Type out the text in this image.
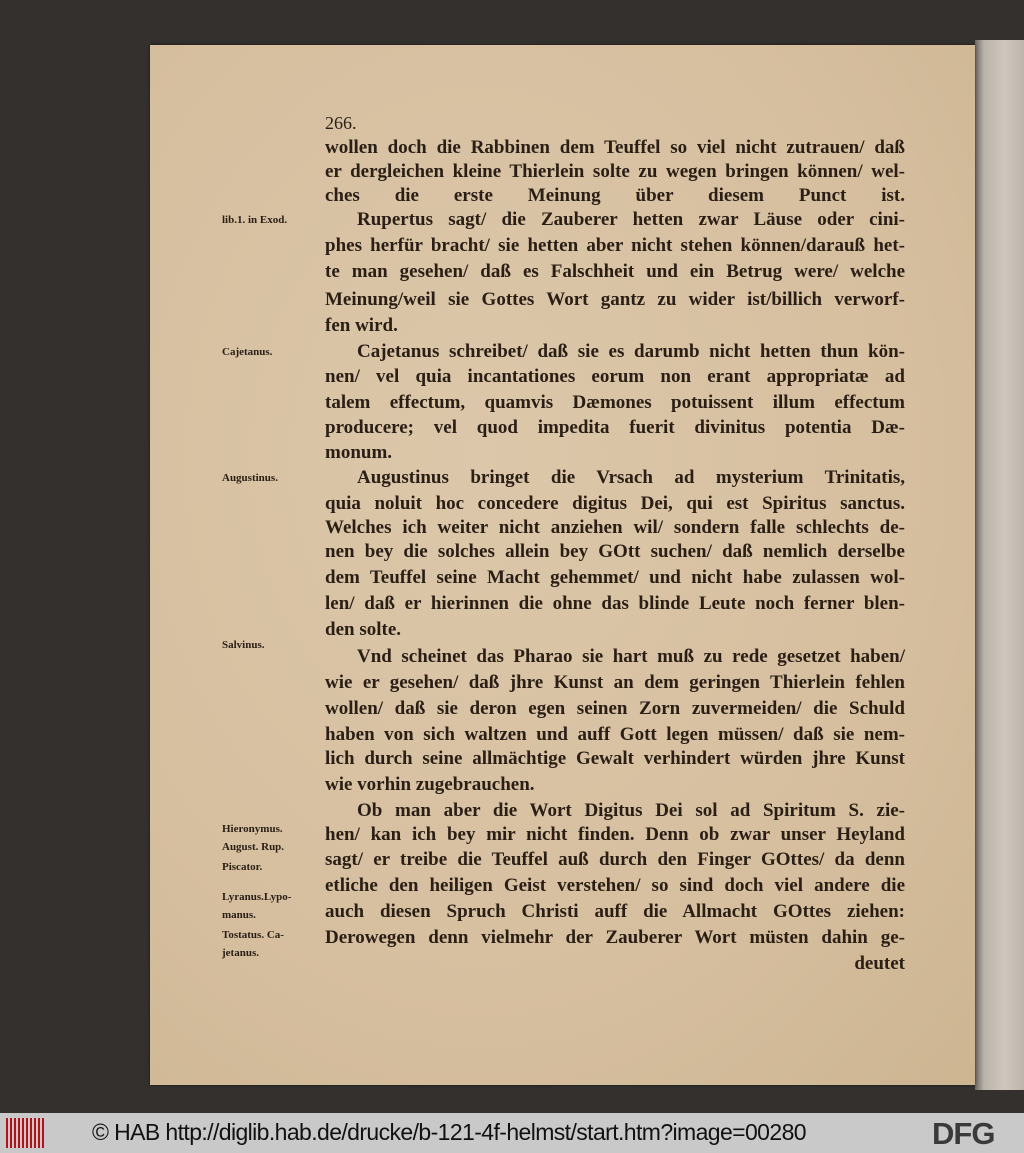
266.
wollen doch die Rabbinen dem Teuffel so viel nicht zutrauen/ daß
er dergleichen kleine Thierlein solte zu wegen bringen können/ wel-
ches die erste Meinung über diesem Punct ist.
Rupertus sagt/ die Zauberer hetten zwar Läuse oder cini-
phes herfür bracht/ sie hetten aber nicht stehen können/darauß het-
te man gesehen/ daß es Falschheit und ein Betrug were/ welche
Meinung/weil sie Gottes Wort gantz zu wider ist/billich verworf-
fen wird.
Cajetanus schreibet/ daß sie es darumb nicht hetten thun kön-
nen/ vel quia incantationes eorum non erant appropriatæ ad
talem effectum, quamvis Dæmones potuissent illum effectum
producere; vel quod impedita fuerit divinitus potentia Dæ-
monum.
Augustinus bringet die Vrsach ad mysterium Trinitatis,
quia noluit hoc concedere digitus Dei, qui est Spiritus sanctus.
Welches ich weiter nicht anziehen wil/ sondern falle schlechts de-
nen bey die solches allein bey GOtt suchen/ daß nemlich derselbe
dem Teuffel seine Macht gehemmet/ und nicht habe zulassen wol-
len/ daß er hierinnen die ohne das blinde Leute noch ferner blen-
den solte.
Vnd scheinet das Pharao sie hart muß zu rede gesetzet haben/
wie er gesehen/ daß jhre Kunst an dem geringen Thierlein fehlen
wollen/ daß sie deron egen seinen Zorn zuvermeiden/ die Schuld
haben von sich waltzen und auff Gott legen müssen/ daß sie nem-
lich durch seine allmächtige Gewalt verhindert würden jhre Kunst
wie vorhin zugebrauchen.
Ob man aber die Wort Digitus Dei sol ad Spiritum S. zie-
hen/ kan ich bey mir nicht finden. Denn ob zwar unser Heyland
sagt/ er treibe die Teuffel auß durch den Finger GOttes/ da denn
etliche den heiligen Geist verstehen/ so sind doch viel andere die
auch diesen Spruch Christi auff die Allmacht GOttes ziehen:
Derowegen denn vielmehr der Zauberer Wort müsten dahin ge-
deutet
lib.1. in Exod.
Cajetanus.
Augustinus.
Salvinus.
Hieronymus.
August. Rup.
Piscator.
Lyranus.Lypo-
manus.
Tostatus. Ca-
jetanus.
© HAB http://diglib.hab.de/drucke/b-121-4f-helmst/start.htm?image=00280	DFG
